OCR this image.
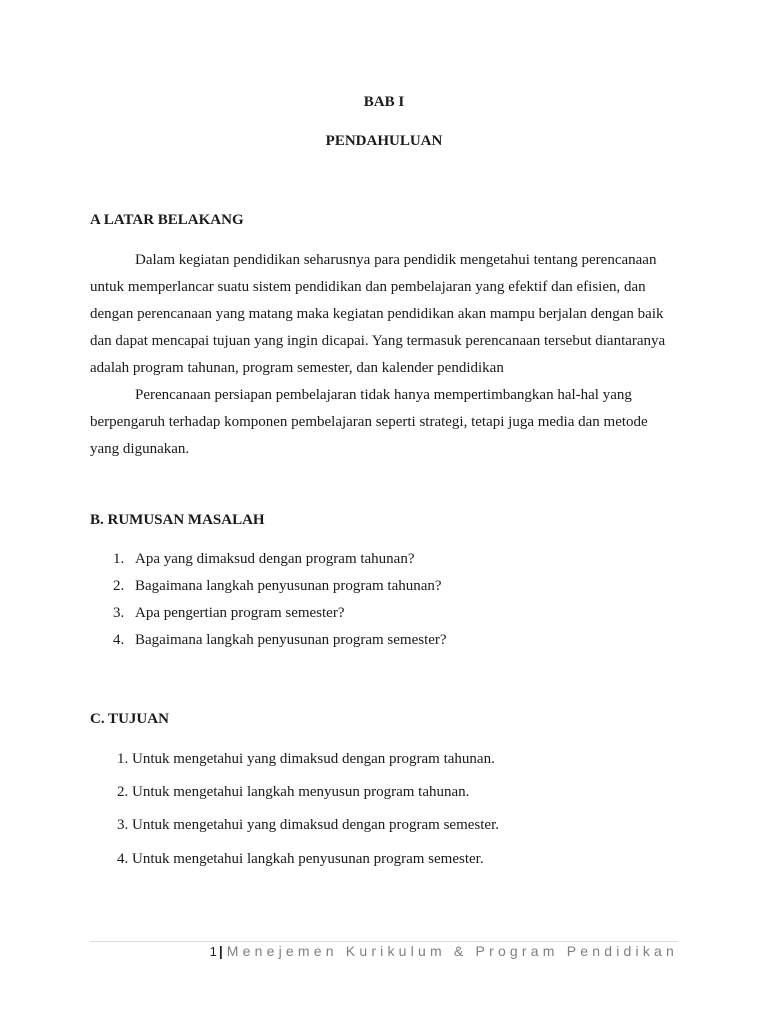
BAB I
PENDAHULUAN
A LATAR BELAKANG
Dalam kegiatan pendidikan seharusnya para pendidik mengetahui tentang perencanaan
untuk memperlancar suatu sistem pendidikan dan pembelajaran yang efektif dan efisien, dan
dengan perencanaan yang matang maka kegiatan pendidikan akan mampu berjalan dengan baik
dan dapat mencapai tujuan yang ingin dicapai. Yang termasuk perencanaan tersebut diantaranya
adalah program tahunan, program semester, dan kalender pendidikan
Perencanaan persiapan pembelajaran tidak hanya mempertimbangkan hal-hal yang
berpengaruh terhadap komponen pembelajaran seperti strategi, tetapi juga media dan metode
yang digunakan.
B. RUMUSAN MASALAH
1. Apa yang dimaksud dengan program tahunan?
2. Bagaimana langkah penyusunan program tahunan?
3. Apa pengertian program semester?
4. Bagaimana langkah penyusunan program semester?
C. TUJUAN
1. Untuk mengetahui yang dimaksud dengan program tahunan.
2. Untuk mengetahui langkah menyusun program tahunan.
3. Untuk mengetahui yang dimaksud dengan program semester.
4. Untuk mengetahui langkah penyusunan program semester.
1 | Menejemen Kurikulum & Program Pendidikan
